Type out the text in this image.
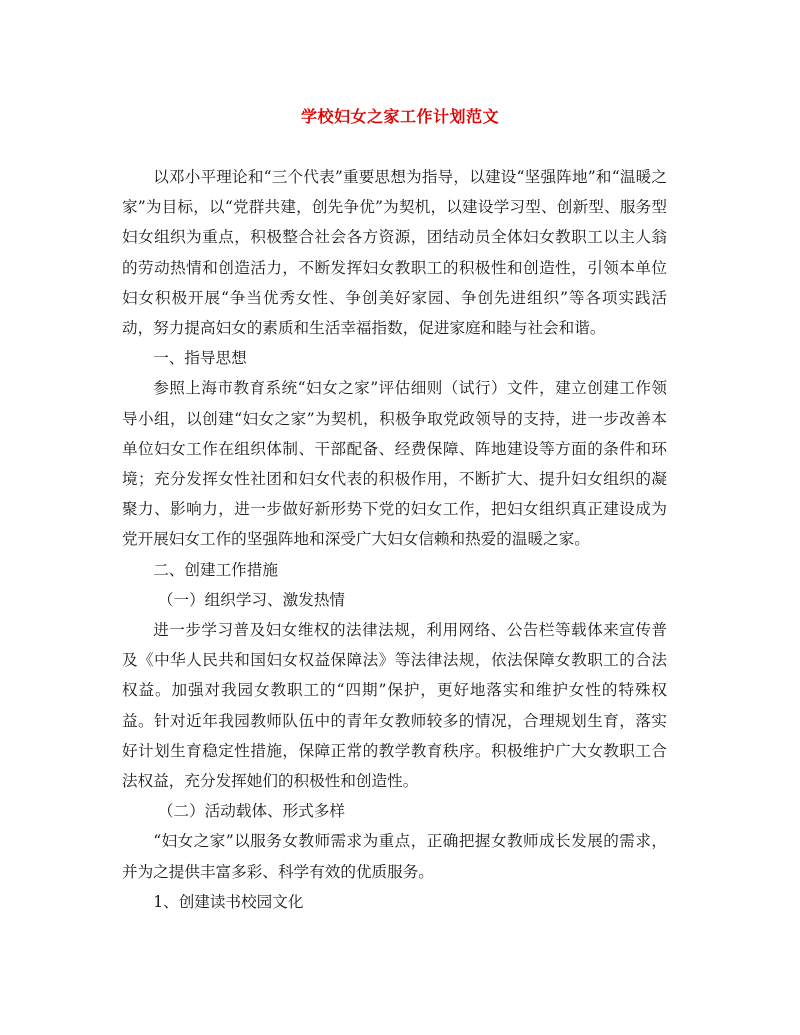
学校妇女之家工作计划范文

以邓小平理论和“三个代表”重要思想为指导，以建设“坚强阵地”和“温暖之家”为目标，以“党群共建，创先争优”为契机，以建设学习型、创新型、服务型妇女组织为重点，积极整合社会各方资源，团结动员全体妇女教职工以主人翁的劳动热情和创造活力，不断发挥妇女教职工的积极性和创造性，引领本单位妇女积极开展“争当优秀女性、争创美好家园、争创先进组织”等各项实践活动，努力提高妇女的素质和生活幸福指数，促进家庭和睦与社会和谐。

一、指导思想

参照上海市教育系统“妇女之家”评估细则（试行）文件，建立创建工作领导小组，以创建“妇女之家”为契机，积极争取党政领导的支持，进一步改善本单位妇女工作在组织体制、干部配备、经费保障、阵地建设等方面的条件和环境；充分发挥女性社团和妇女代表的积极作用，不断扩大、提升妇女组织的凝聚力、影响力，进一步做好新形势下党的妇女工作，把妇女组织真正建设成为党开展妇女工作的坚强阵地和深受广大妇女信赖和热爱的温暖之家。

二、创建工作措施

（一）组织学习、激发热情

进一步学习普及妇女维权的法律法规，利用网络、公告栏等载体来宣传普及《中华人民共和国妇女权益保障法》等法律法规，依法保障女教职工的合法权益。加强对我园女教职工的“四期”保护，更好地落实和维护女性的特殊权益。针对近年我园教师队伍中的青年女教师较多的情况，合理规划生育，落实好计划生育稳定性措施，保障正常的教学教育秩序。积极维护广大女教职工合法权益，充分发挥她们的积极性和创造性。

（二）活动载体、形式多样

“妇女之家”以服务女教师需求为重点，正确把握女教师成长发展的需求，并为之提供丰富多彩、科学有效的优质服务。

1、创建读书校园文化
